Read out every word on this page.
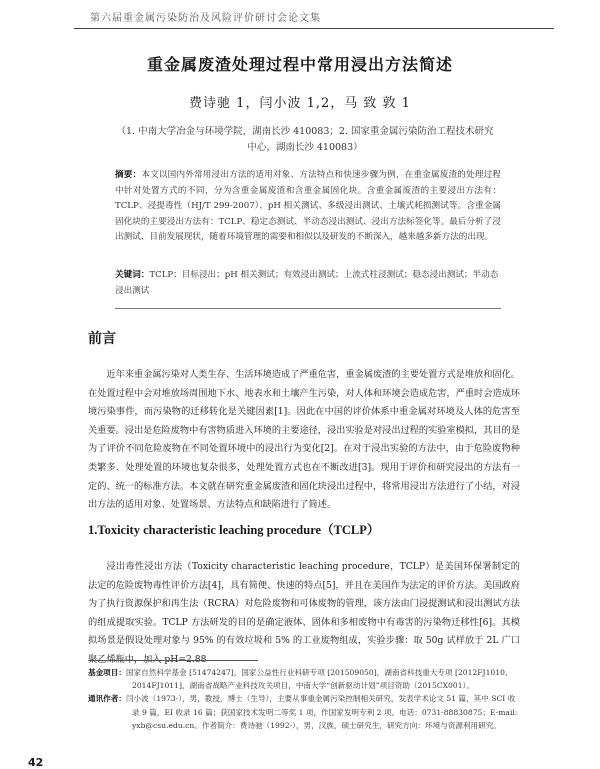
第六届重金属污染防治及风险评价研讨会论文集
重金属废渣处理过程中常用浸出方法简述
费诗驰 1，闫小波 1,2，马 致 敦 1
（1. 中南大学冶金与环境学院，湖南长沙 410083；2. 国家重金属污染防治工程技术研究中心，湖南长沙 410083）
摘要：本文以国内外常用浸出方法的适用对象、方法特点和快速步骤为例，在重金属废渣的处理过程中针对处置方式的不同，分为含重金属废渣和含重金属固化块。含重金属废渣的主要浸出方法有：TCLP、浸提毒性（HJ/T 299-2007）、pH 相关测试、多级浸出测试、土壤式耗损测试等。含重金属固化块的主要浸出方法有：TCLP、稳定态测试、半动态浸出测试、浸出方法标签化等。最后分析了浸出测试、目前发展现状，随着环境管理的需要和相似以及研发的不断深入，越来越多新方法的出现。
关键词：TCLP；目标浸出；pH 相关测试；有效浸出测试；上流式柱浸测试；稳态浸出测试；半动态浸出测试
前言
近年来重金属污染对人类生存、生活环境造成了严重危害，重金属废渣的主要处置方式是堆放和固化。在处置过程中会对堆放场周围地下水、地表水和土壤产生污染，对人体和环境会造成危害，严重时会造成环境污染事件，而污染物的迁移转化是关键因素[1]。因此在中国的评价体系中重金属对环境及人体的危害至关重要。浸出是危险废物中有害物质进入环境的主要途径，浸出实验是对浸出过程的实验室模拟，其目的是为了评价不同危险废物在不同处置环境中的浸出行为变化[2]。在对于浸出实验的方法中，由于危险废物种类繁多、处理处置的环境也复杂很多，处理处置方式也在不断改进[3]。现用于评价和研究浸出的方法有一定的、统一的标准方法。本文就在研究重金属废渣和固化块浸出过程中，将常用浸出方法进行了小结，对浸出方法的适用对象、处置场景、方法特点和缺陷进行了简述。
1.Toxicity characteristic leaching procedure（TCLP）
浸出毒性浸出方法（Toxicity characteristic leaching procedure，TCLP）是美国环保署制定的法定的危险废物毒性评价方法[4]，具有简便、快速的特点[5]，并且在美国作为法定的评价方法。美国政府为了执行资源保护和再生法（RCRA）对危险废物和可体废物的管理，该方法由门浸提测试和浸出测试方法的组成提取实验。TCLP 方法研发的目的是确定液体、固体和多相废物中有毒害的污染物迁移性[6]。其模拟场景是假设处理对象与 95% 的有效垃圾和 5% 的工业废物组成，实验步骤：取 50g 试样放于 2L 广口聚乙烯瓶中，加入 pH=2.88

基金项目：国家自然科学基金 [51474247]，国家公益性行业科研专项 [201509050]，湖南省科技重大专项 [2012FJ1010、2014FJ1011]，湖南省战略产业科技攻关项目，中南大学“创新驱动计划”项目资助（2015CX001）。

通讯作者：闫小波（1973-），男，教授，博士（生导），主要从事重金属污染控制相关研究，发表学术论文 51 篇，其中 SCI 收录 9 篇，EI 收录 16 篇；获国家技术发明二等奖 1 项，作国家发明专利 2 项。电话：0731-88830875；E-mail: yxb@csu.edu.cn。作者简介：费诗驰（1992-），男，汉族，硕士研究生，研究方向：环境与资源利用研究。

42
